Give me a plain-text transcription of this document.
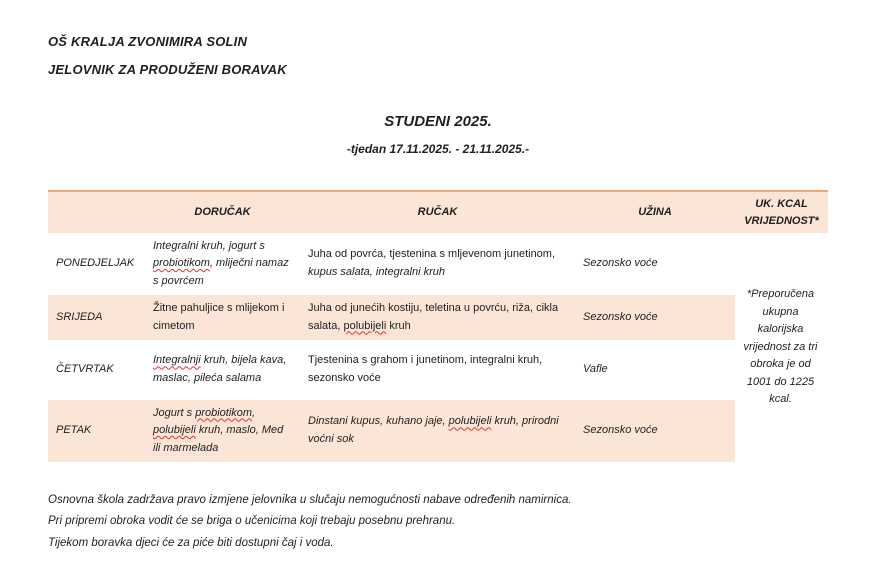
OŠ KRALJA ZVONIMIRA SOLIN

JELOVNIK ZA PRODUŽENI BORAVAK

STUDENI 2025.
-tjedan 17.11.2025. - 21.11.2025.-
	DORUČAK	RUČAK	UŽINA	UK. KCAL VRIJEDNOST*
PONEDJELJAK	Integralni kruh, jogurt s probiotikom, mliječni namaz s povrćem	Juha od povrća, tjestenina s mljevenom junetinom, kupus salata, integralni kruh	Sezonsko voće	*Preporučena ukupna kalorijska vrijednost za tri obroka je od 1001 do 1225 kcal.
SRIJEDA	Žitne pahuljice s mlijekom i cimetom	Juha od junećih kostiju, teletina u povrću, riža, cikla salata, polubijeli kruh	Sezonsko voće	
ČETVRTAK	Integralnji kruh, bijela kava, maslac, pileća salama	Tjestenina s grahom i junetinom, integralni kruh, sezonsko voće	Vafle	
PETAK	Jogurt s probiotikom, polubijeli kruh, maslo, Med ili marmelada	Dinstani kupus, kuhano jaje, polubijeli kruh, prirodni voćni sok	Sezonsko voće	

Osnovna škola zadržava pravo izmjene jelovnika u slučaju nemogućnosti nabave određenih namirnica.

Pri pripremi obroka vodit će se briga o učenicima koji trebaju posebnu prehranu.

Tijekom boravka djeci će za piće biti dostupni čaj i voda.
